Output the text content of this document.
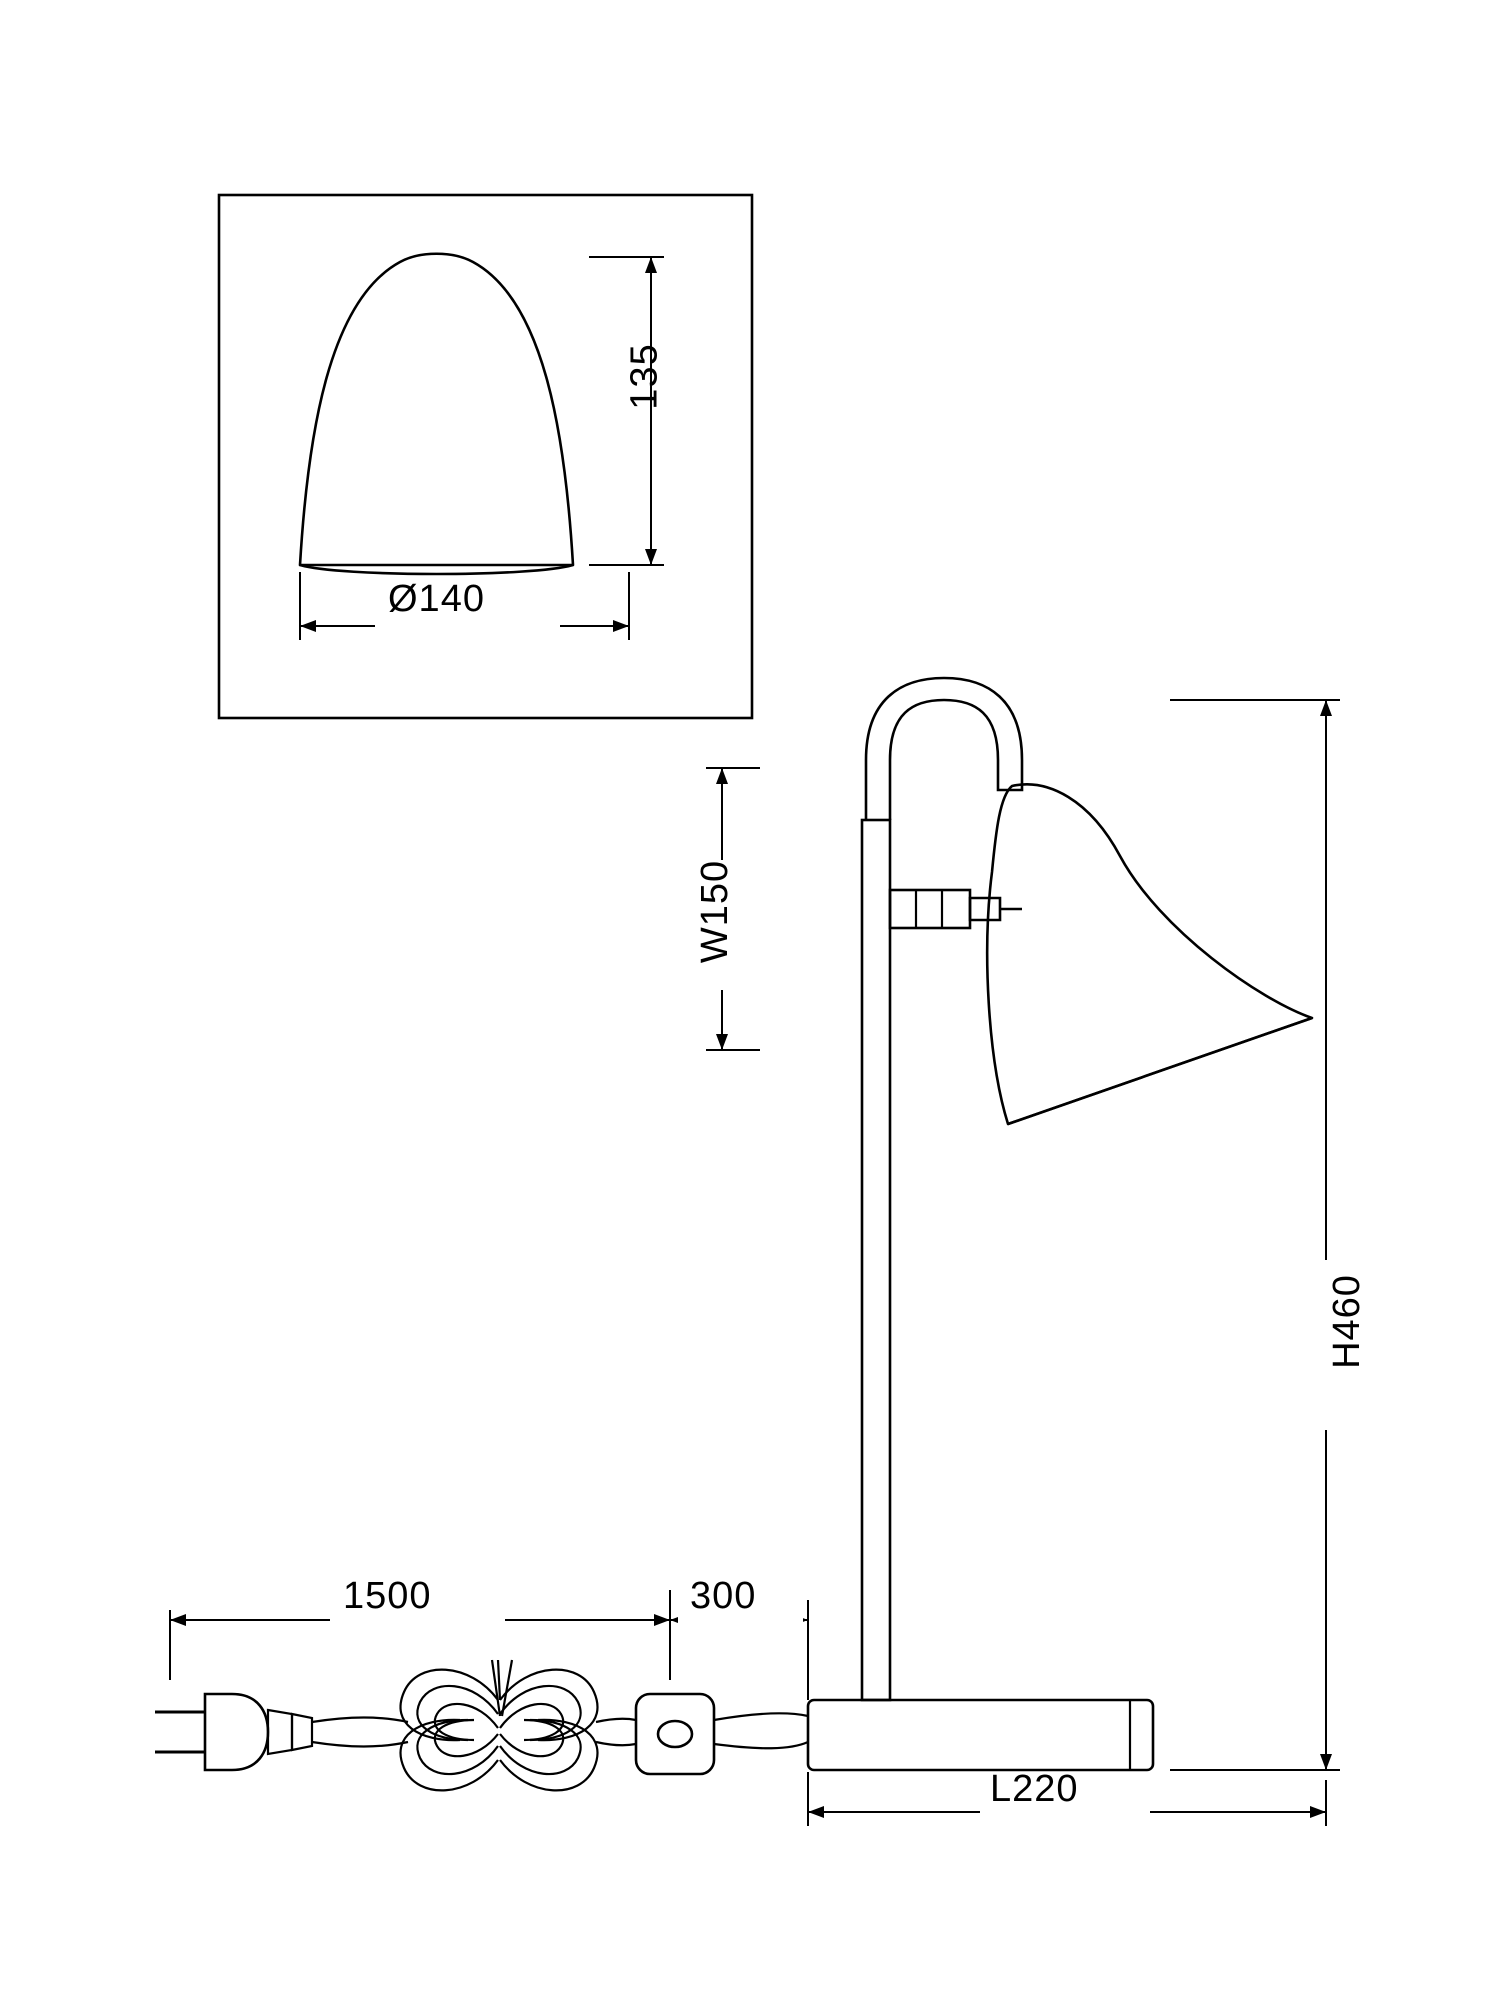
135
Ø140
W150
H460
1500	300
L220
